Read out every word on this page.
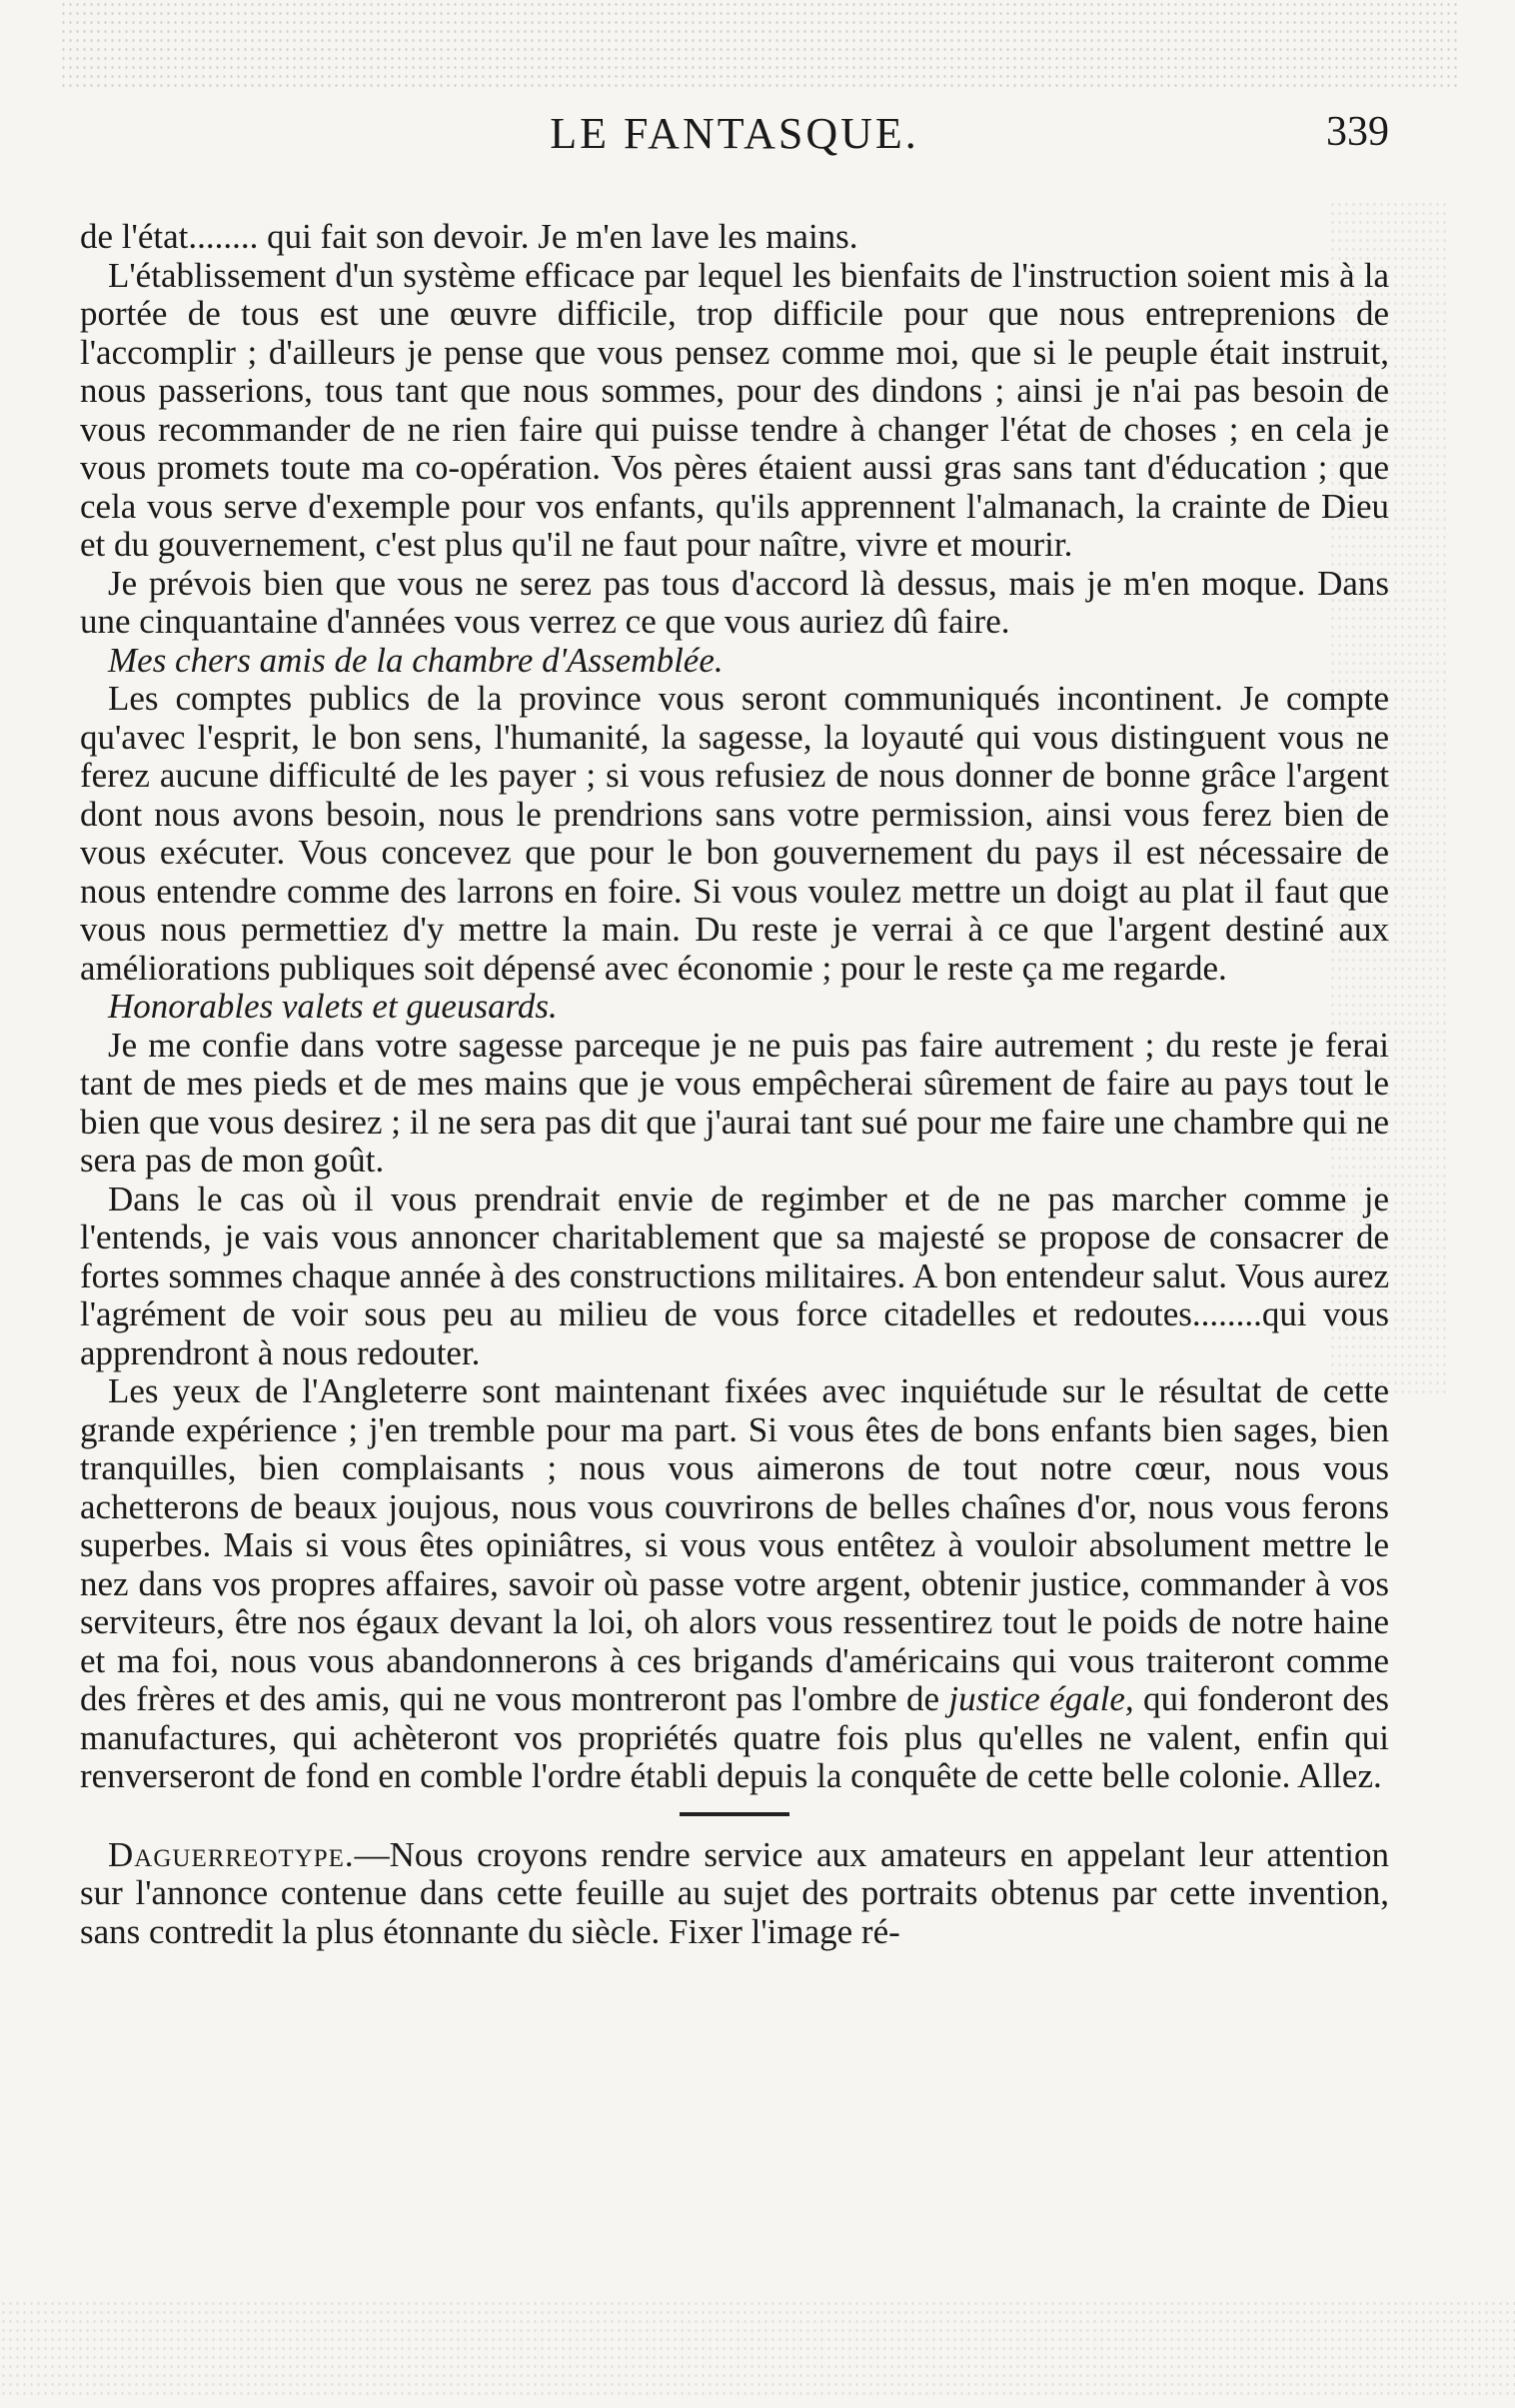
LE FANTASQUE.	339

de l'état........ qui fait son devoir. Je m'en lave les mains.

L'établissement d'un système efficace par lequel les bienfaits de l'instruction soient mis à la portée de tous est une œuvre difficile, trop difficile pour que nous entreprenions de l'accomplir ; d'ailleurs je pense que vous pensez comme moi, que si le peuple était instruit, nous passerions, tous tant que nous sommes, pour des dindons ; ainsi je n'ai pas besoin de vous recommander de ne rien faire qui puisse tendre à changer l'état de choses ; en cela je vous promets toute ma co-opération. Vos pères étaient aussi gras sans tant d'éducation ; que cela vous serve d'exemple pour vos enfants, qu'ils apprennent l'almanach, la crainte de Dieu et du gouvernement, c'est plus qu'il ne faut pour naître, vivre et mourir.

Je prévois bien que vous ne serez pas tous d'accord là dessus, mais je m'en moque. Dans une cinquantaine d'années vous verrez ce que vous auriez dû faire.

Mes chers amis de la chambre d'Assemblée.

Les comptes publics de la province vous seront communiqués incontinent. Je compte qu'avec l'esprit, le bon sens, l'humanité, la sagesse, la loyauté qui vous distinguent vous ne ferez aucune difficulté de les payer ; si vous refusiez de nous donner de bonne grâce l'argent dont nous avons besoin, nous le prendrions sans votre permission, ainsi vous ferez bien de vous exécuter. Vous concevez que pour le bon gouvernement du pays il est nécessaire de nous entendre comme des larrons en foire. Si vous voulez mettre un doigt au plat il faut que vous nous permettiez d'y mettre la main. Du reste je verrai à ce que l'argent destiné aux améliorations publiques soit dépensé avec économie ; pour le reste ça me regarde.

Honorables valets et gueusards.

Je me confie dans votre sagesse parceque je ne puis pas faire autrement ; du reste je ferai tant de mes pieds et de mes mains que je vous empêcherai sûrement de faire au pays tout le bien que vous desirez ; il ne sera pas dit que j'aurai tant sué pour me faire une chambre qui ne sera pas de mon goût.

Dans le cas où il vous prendrait envie de regimber et de ne pas marcher comme je l'entends, je vais vous annoncer charitablement que sa majesté se propose de consacrer de fortes sommes chaque année à des constructions militaires. A bon entendeur salut. Vous aurez l'agrément de voir sous peu au milieu de vous force citadelles et redoutes........qui vous apprendront à nous redouter.

Les yeux de l'Angleterre sont maintenant fixées avec inquiétude sur le résultat de cette grande expérience ; j'en tremble pour ma part. Si vous êtes de bons enfants bien sages, bien tranquilles, bien complaisants ; nous vous aimerons de tout notre cœur, nous vous achetterons de beaux joujous, nous vous couvrirons de belles chaînes d'or, nous vous ferons superbes. Mais si vous êtes opiniâtres, si vous vous entêtez à vouloir absolument mettre le nez dans vos propres affaires, savoir où passe votre argent, obtenir justice, commander à vos serviteurs, être nos égaux devant la loi, oh alors vous ressentirez tout le poids de notre haine et ma foi, nous vous abandonnerons à ces brigands d'américains qui vous traiteront comme des frères et des amis, qui ne vous montreront pas l'ombre de justice égale, qui fonderont des manufactures, qui achèteront vos propriétés quatre fois plus qu'elles ne valent, enfin qui renverseront de fond en comble l'ordre établi depuis la conquête de cette belle colonie. Allez.

Daguerreotype.—Nous croyons rendre service aux amateurs en appelant leur attention sur l'annonce contenue dans cette feuille au sujet des portraits obtenus par cette invention, sans contredit la plus étonnante du siècle. Fixer l'image ré-
